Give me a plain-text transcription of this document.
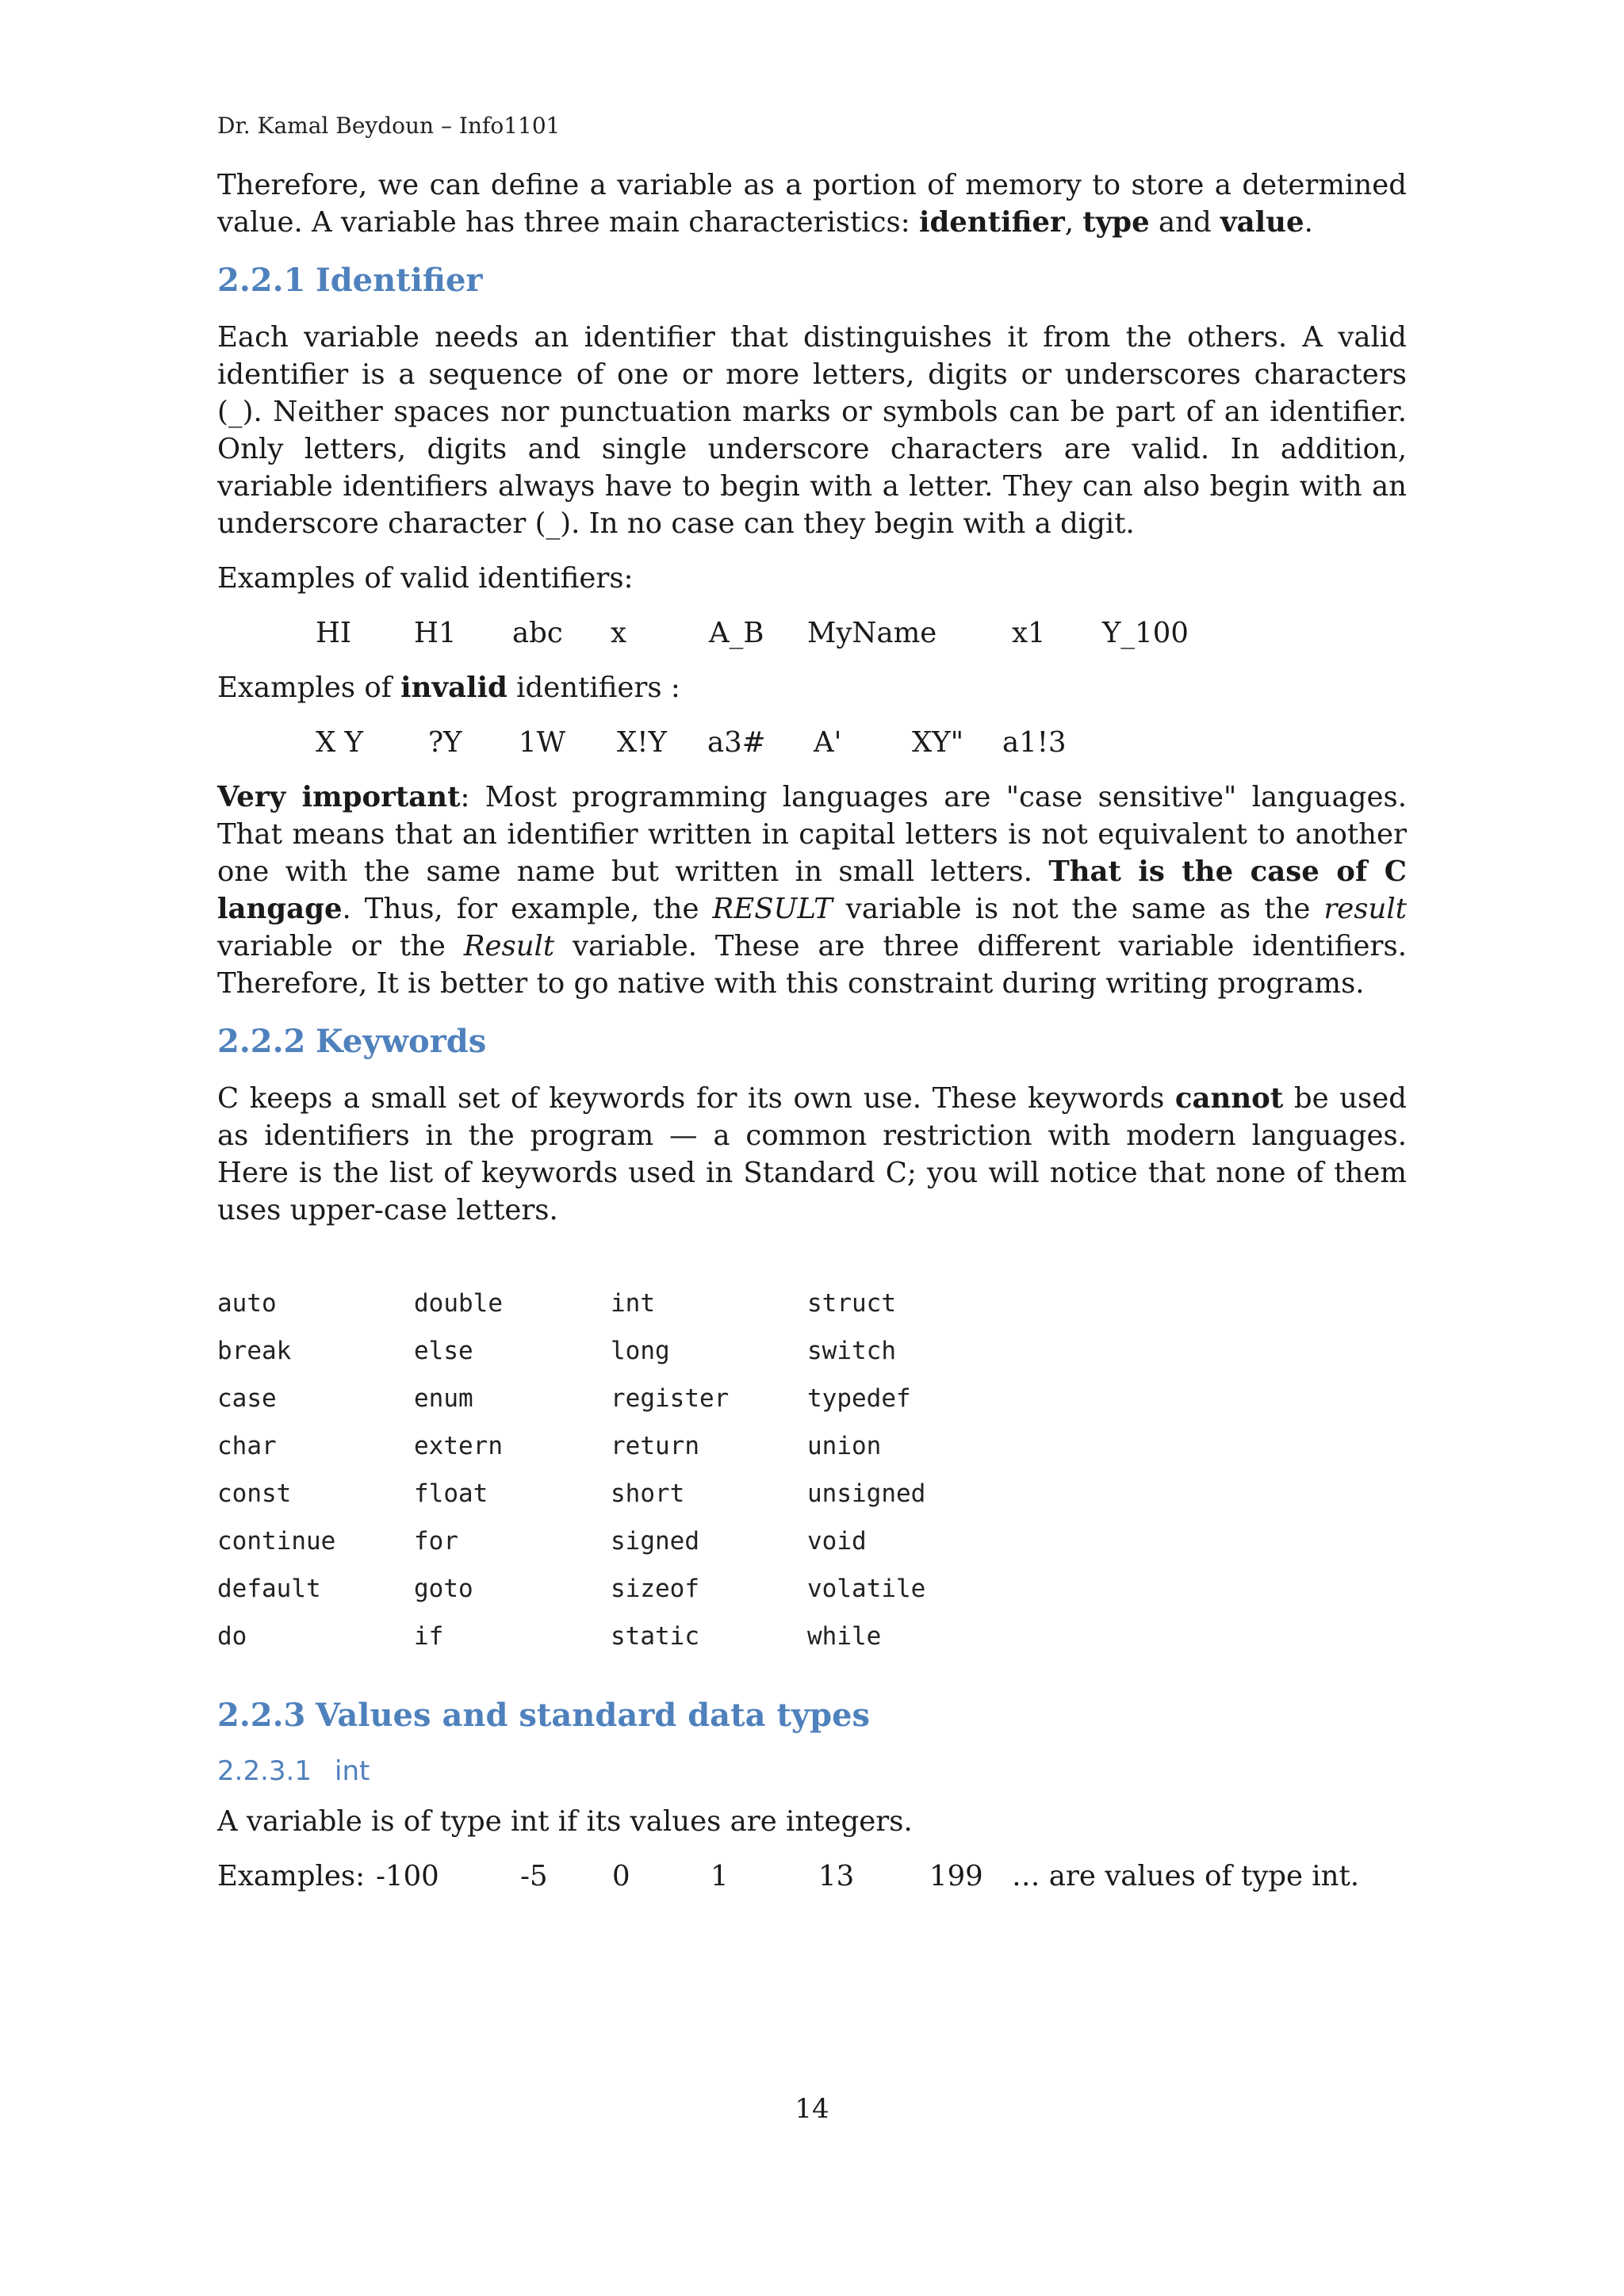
Dr. Kamal Beydoun – Info1101

Therefore, we can define a variable as a portion of memory to store a determined value. A variable has three main characteristics: identifier, type and value.

2.2.1 Identifier

Each variable needs an identifier that distinguishes it from the others. A valid identifier is a sequence of one or more letters, digits or underscores characters (_). Neither spaces nor punctuation marks or symbols can be part of an identifier. Only letters, digits and single underscore characters are valid. In addition, variable identifiers always have to begin with a letter. They can also begin with an underscore character (_). In no case can they begin with a digit.

Examples of valid identifiers:

HI	H1	abc	x	A_B	MyName	x1	Y_100

Examples of invalid identifiers :

X Y	?Y	1W	X!Y	a3#	A'	XY"	a1!3

Very important: Most programming languages are "case sensitive" languages. That means that an identifier written in capital letters is not equivalent to another one with the same name but written in small letters. That is the case of C langage. Thus, for example, the RESULT variable is not the same as the result variable or the Result variable. These are three different variable identifiers. Therefore, It is better to go native with this constraint during writing programs.

2.2.2 Keywords

C keeps a small set of keywords for its own use. These keywords cannot be used as identifiers in the program — a common restriction with modern languages. Here is the list of keywords used in Standard C; you will notice that none of them uses upper-case letters.

auto	double	int	struct
break	else	long	switch
case	enum	register	typedef
char	extern	return	union
const	float	short	unsigned
continue	for	signed	void
default	goto	sizeof	volatile
do	if	static	while
2.2.3 Values and standard data types
2.2.3.1 int

A variable is of type int if its values are integers.

Examples: -100	-5	0	1	13	199	… are values of type int.
14
